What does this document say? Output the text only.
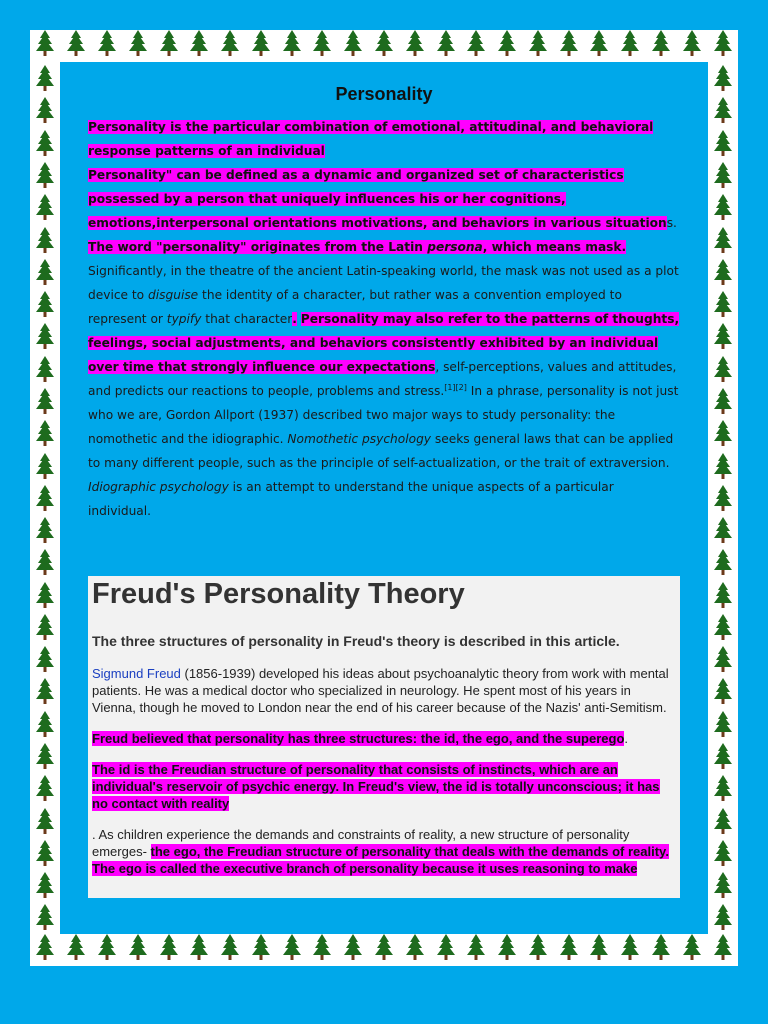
Personality

Personality is the particular combination of emotional, attitudinal, and behavioral response patterns of an individual
Personality" can be defined as a dynamic and organized set of characteristics possessed by a person that uniquely influences his or her cognitions, emotions,interpersonal orientations motivations, and behaviors in various situations. The word "personality" originates from the Latin persona, which means mask. Significantly, in the theatre of the ancient Latin-speaking world, the mask was not used as a plot device to disguise the identity of a character, but rather was a convention employed to represent or typify that character. Personality may also refer to the patterns of thoughts, feelings, social adjustments, and behaviors consistently exhibited by an individual over time that strongly influence our expectations, self-perceptions, values and attitudes, and predicts our reactions to people, problems and stress.[1][2] In a phrase, personality is not just who we are, Gordon Allport (1937) described two major ways to study personality: the nomothetic and the idiographic. Nomothetic psychology seeks general laws that can be applied to many different people, such as the principle of self-actualization, or the trait of extraversion. Idiographic psychology is an attempt to understand the unique aspects of a particular individual.

Freud's Personality Theory
The three structures of personality in Freud's theory is described in this article.

Sigmund Freud (1856-1939) developed his ideas about psychoanalytic theory from work with mental patients. He was a medical doctor who specialized in neurology. He spent most of his years in Vienna, though he moved to London near the end of his career because of the Nazis' anti-Semitism.

Freud believed that personality has three structures: the id, the ego, and the superego.

The id is the Freudian structure of personality that consists of instincts, which are an individual's reservoir of psychic energy. In Freud's view, the id is totally unconscious; it has no contact with reality

. As children experience the demands and constraints of reality, a new structure of personality emerges- the ego, the Freudian structure of personality that deals with the demands of reality. The ego is called the executive branch of personality because it uses reasoning to make
